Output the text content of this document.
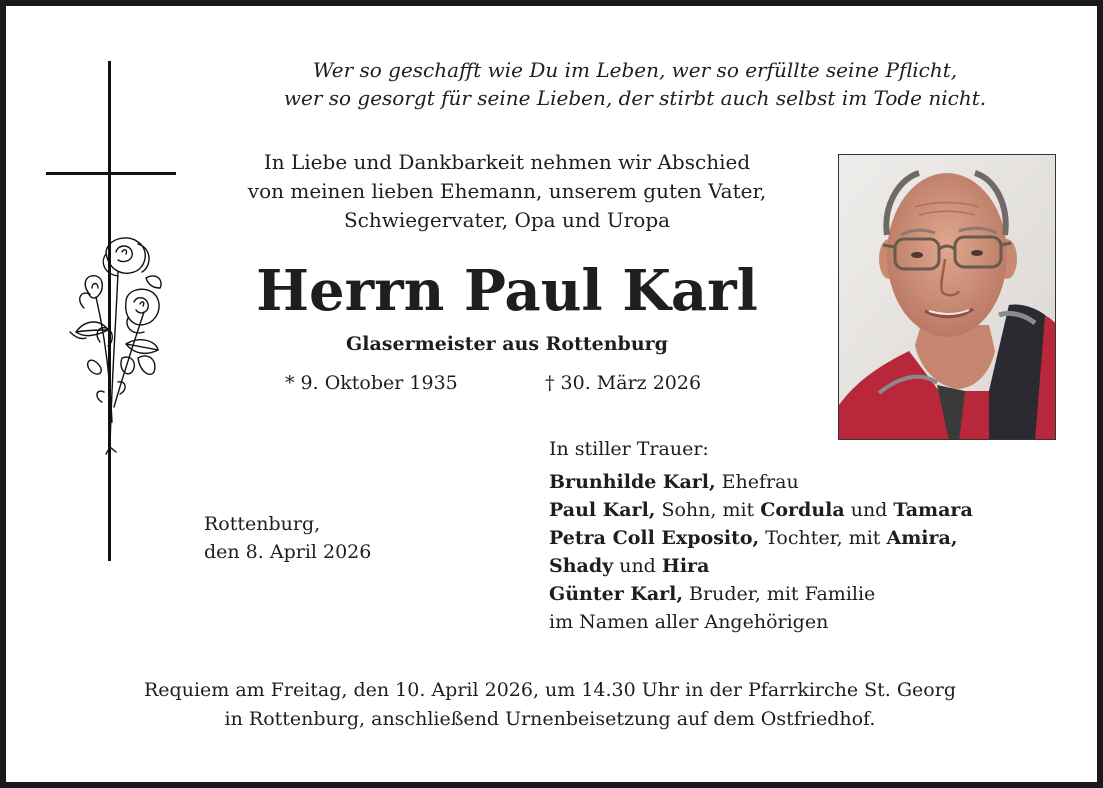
Wer so geschafft wie Du im Leben, wer so erfüllte seine Pflicht,
wer so gesorgt für seine Lieben, der stirbt auch selbst im Tode nicht.
In Liebe und Dankbarkeit nehmen wir Abschied
von meinen lieben Ehemann, unserem guten Vater,
Schwiegervater, Opa und Uropa
Herrn Paul Karl
Glasermeister aus Rottenburg
* 9. Oktober 1935	† 30. März 2026
Rottenburg,
den 8. April 2026
In stiller Trauer:
Brunhilde Karl, Ehefrau
Paul Karl, Sohn, mit Cordula und Tamara
Petra Coll Exposito, Tochter, mit Amira,
Shady und Hira
Günter Karl, Bruder, mit Familie
im Namen aller Angehörigen
Requiem am Freitag, den 10. April 2026, um 14.30 Uhr in der Pfarrkirche St. Georg
in Rottenburg, anschließend Urnenbeisetzung auf dem Ostfriedhof.
